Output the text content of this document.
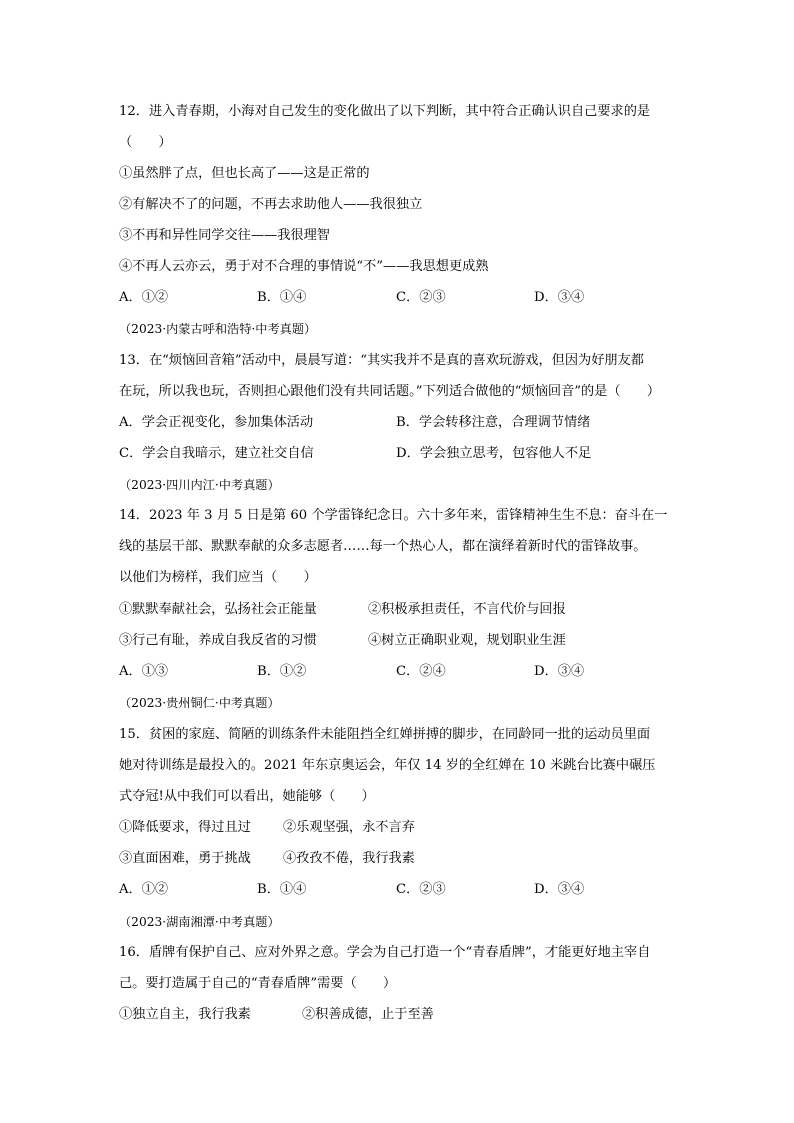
12．进入青春期，小海对自己发生的变化做出了以下判断，其中符合正确认识自己要求的是
（　　）
①虽然胖了点，但也长高了——这是正常的
②有解决不了的问题，不再去求助他人——我很独立
③不再和异性同学交往——我很理智
④不再人云亦云，勇于对不合理的事情说“不”——我思想更成熟
A．①②	B．①④	C．②③	D．③④
（2023·内蒙古呼和浩特·中考真题）
13．在“烦恼回音箱”活动中，晨晨写道：“其实我并不是真的喜欢玩游戏，但因为好朋友都
在玩，所以我也玩，否则担心跟他们没有共同话题。”下列适合做他的“烦恼回音”的是（　　）
A．学会正视变化，参加集体活动	B．学会转移注意，合理调节情绪
C．学会自我暗示，建立社交自信	D．学会独立思考，包容他人不足
（2023·四川内江·中考真题）
14．2023 年 3 月 5 日是第 60 个学雷锋纪念日。六十多年来，雷锋精神生生不息：奋斗在一
线的基层干部、默默奉献的众多志愿者……每一个热心人，都在演绎着新时代的雷锋故事。
以他们为榜样，我们应当（　　）
①默默奉献社会，弘扬社会正能量	②积极承担责任，不言代价与回报
③行己有耻，养成自我反省的习惯	④树立正确职业观，规划职业生涯
A．①③	B．①②	C．②④	D．③④
（2023·贵州铜仁·中考真题）
15．贫困的家庭、简陋的训练条件未能阻挡全红婵拼搏的脚步，在同龄同一批的运动员里面
她对待训练是最投入的。2021 年东京奥运会，年仅 14 岁的全红婵在 10 米跳台比赛中碾压
式夺冠!从中我们可以看出，她能够（　　）
①降低要求，得过且过 ②乐观坚强，永不言弃
③直面困难，勇于挑战 ④孜孜不倦，我行我素
A．①②	B．①④	C．②③	D．③④
（2023·湖南湘潭·中考真题）
16．盾牌有保护自己、应对外界之意。学会为自己打造一个“青春盾牌”，才能更好地主宰自
己。要打造属于自己的“青春盾牌”需要（　　）
①独立自主，我行我素	②积善成德，止于至善
